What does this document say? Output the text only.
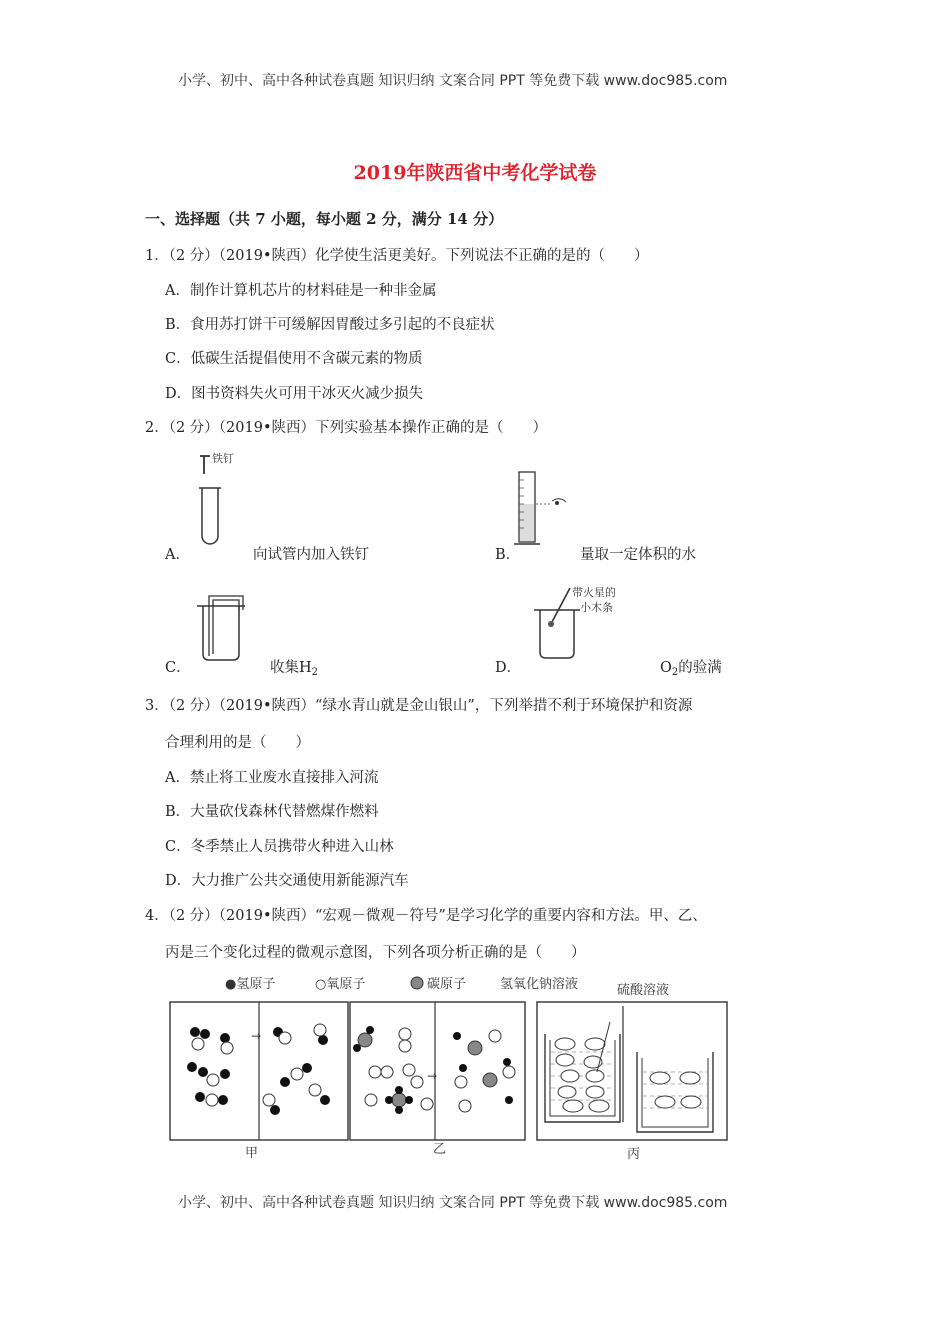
小学、初中、高中各种试卷真题 知识归纳 文案合同 PPT 等免费下载 www.doc985.com
2019年陕西省中考化学试卷
一、选择题（共 7 小题，每小题 2 分，满分 14 分）
1．（2 分）（2019•陕西）化学使生活更美好。下列说法不正确的是的（　　）
A．制作计算机芯片的材料硅是一种非金属
B．食用苏打饼干可缓解因胃酸过多引起的不良症状
C．低碳生活提倡使用不含碳元素的物质
D．图书资料失火可用干冰灭火减少损失
2．（2 分）（2019•陕西）下列实验基本操作正确的是（　　）
铁钉
A．	向试管内加入铁钉	B．	量取一定体积的水
C．	收集$H_2$
带火星的
小木条
D．	$O_2$的验满
3．（2 分）（2019•陕西）“绿水青山就是金山银山”，下列举措不利于环境保护和资源
合理利用的是（　　）
A．禁止将工业废水直接排入河流
B．大量砍伐森林代替燃煤作燃料
C．冬季禁止人员携带火种进入山林
D．大力推广公共交通使用新能源汽车
4．（2 分）（2019•陕西）“宏观－微观－符号”是学习化学的重要内容和方法。甲、乙、
丙是三个变化过程的微观示意图，下列各项分析正确的是（　　）
●氢原子	○氧原子	碳原子	氢氧化钠溶液	硫酸溶液
→
甲
→
乙	丙
小学、初中、高中各种试卷真题 知识归纳 文案合同 PPT 等免费下载 www.doc985.com
